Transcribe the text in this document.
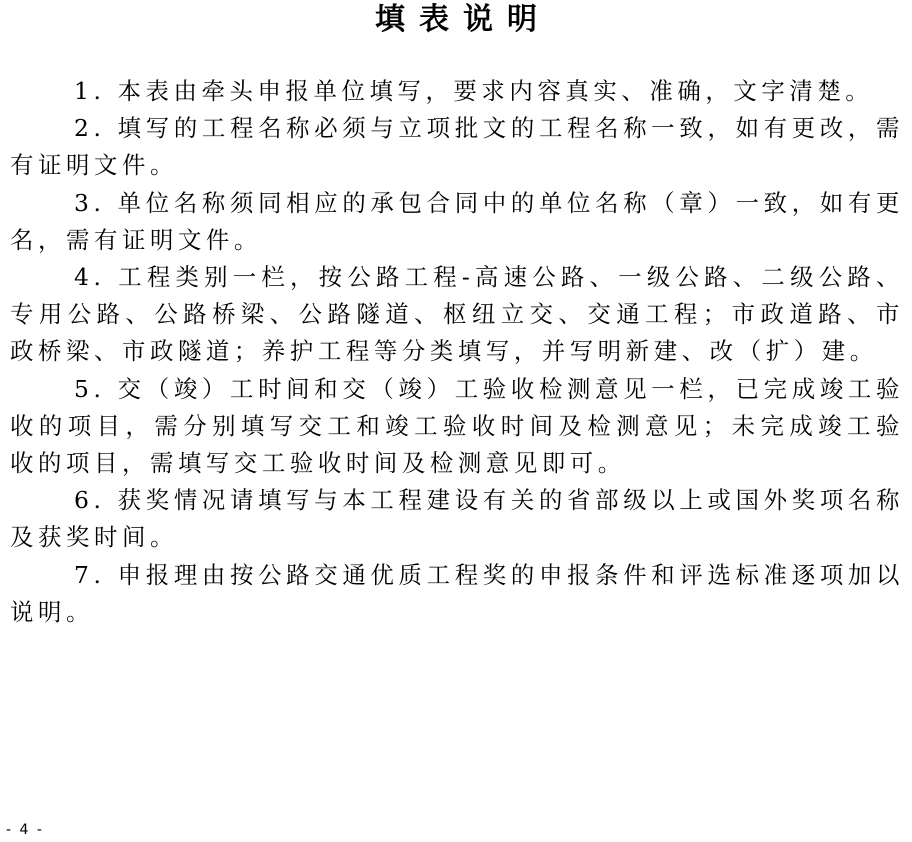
填表说明

1. 本表由牵头申报单位填写，要求内容真实、准确，文字清楚。

2. 填写的工程名称必须与立项批文的工程名称一致，如有更改，需有证明文件。

3. 单位名称须同相应的承包合同中的单位名称（章）一致，如有更名，需有证明文件。

4. 工程类别一栏，按公路工程-高速公路、一级公路、二级公路、专用公路、公路桥梁、公路隧道、枢纽立交、交通工程；市政道路、市政桥梁、市政隧道；养护工程等分类填写，并写明新建、改（扩）建。

5. 交（竣）工时间和交（竣）工验收检测意见一栏，已完成竣工验收的项目，需分别填写交工和竣工验收时间及检测意见；未完成竣工验收的项目，需填写交工验收时间及检测意见即可。

6. 获奖情况请填写与本工程建设有关的省部级以上或国外奖项名称及获奖时间。

7. 申报理由按公路交通优质工程奖的申报条件和评选标准逐项加以说明。

- 4 -
